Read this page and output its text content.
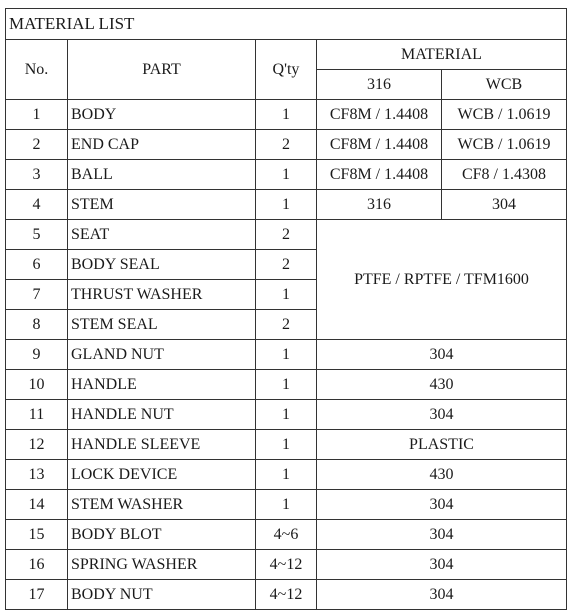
MATERIAL LIST				
No.	PART	Q'ty	MATERIAL	
			316	WCB
1	BODY	1	CF8M / 1.4408	WCB / 1.0619
2	END CAP	2	CF8M / 1.4408	WCB / 1.0619
3	BALL	1	CF8M / 1.4408	CF8 / 1.4308
4	STEM	1	316	304
5	SEAT	2	PTFE / RPTFE / TFM1600	
6	BODY SEAL	2		
7	THRUST WASHER	1		
8	STEM SEAL	2		
9	GLAND NUT	1	304	
10	HANDLE	1	430	
11	HANDLE NUT	1	304	
12	HANDLE SLEEVE	1	PLASTIC	
13	LOCK DEVICE	1	430	
14	STEM WASHER	1	304	
15	BODY BLOT	4~6	304	
16	SPRING WASHER	4~12	304	
17	BODY NUT	4~12	304	
